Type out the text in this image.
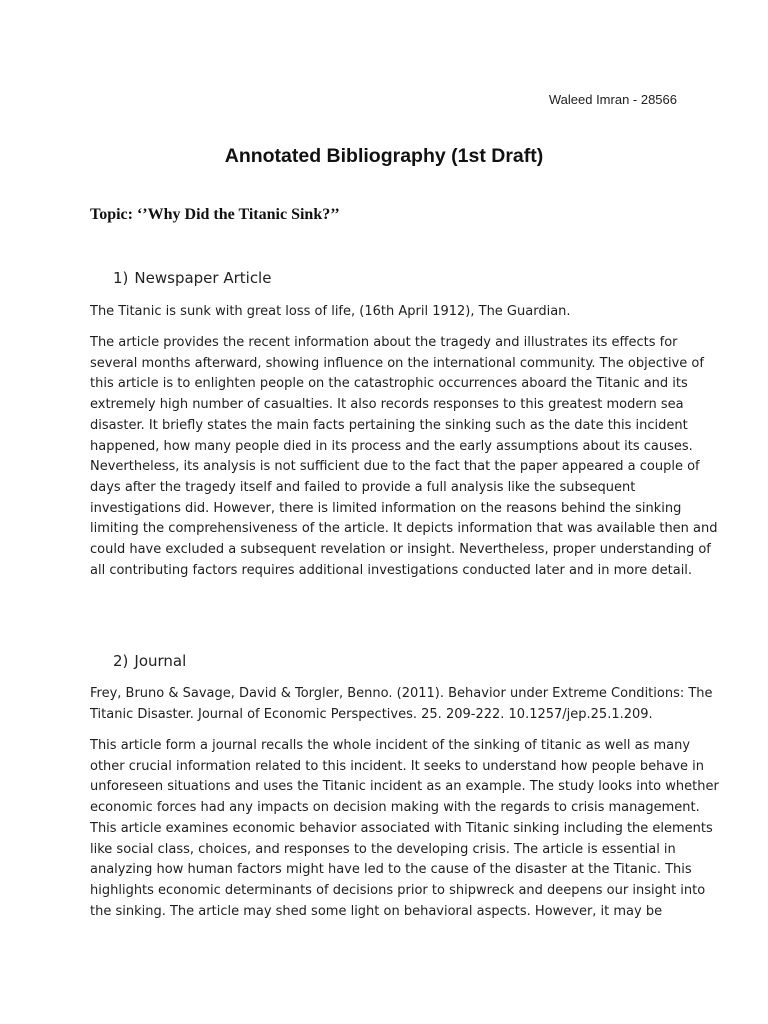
Waleed Imran - 28566
Annotated Bibliography (1st Draft)
Topic: ‘’Why Did the Titanic Sink?’’
1) Newspaper Article
The Titanic is sunk with great loss of life, (16th April 1912), The Guardian.
The article provides the recent information about the tragedy and illustrates its effects for
several months afterward, showing influence on the international community. The objective of
this article is to enlighten people on the catastrophic occurrences aboard the Titanic and its
extremely high number of casualties. It also records responses to this greatest modern sea
disaster. It briefly states the main facts pertaining the sinking such as the date this incident
happened, how many people died in its process and the early assumptions about its causes.
Nevertheless, its analysis is not sufficient due to the fact that the paper appeared a couple of
days after the tragedy itself and failed to provide a full analysis like the subsequent
investigations did. However, there is limited information on the reasons behind the sinking
limiting the comprehensiveness of the article. It depicts information that was available then and
could have excluded a subsequent revelation or insight. Nevertheless, proper understanding of
all contributing factors requires additional investigations conducted later and in more detail.
2) Journal
Frey, Bruno & Savage, David & Torgler, Benno. (2011). Behavior under Extreme Conditions: The
Titanic Disaster. Journal of Economic Perspectives. 25. 209-222. 10.1257/jep.25.1.209.
This article form a journal recalls the whole incident of the sinking of titanic as well as many
other crucial information related to this incident. It seeks to understand how people behave in
unforeseen situations and uses the Titanic incident as an example. The study looks into whether
economic forces had any impacts on decision making with the regards to crisis management.
This article examines economic behavior associated with Titanic sinking including the elements
like social class, choices, and responses to the developing crisis. The article is essential in
analyzing how human factors might have led to the cause of the disaster at the Titanic. This
highlights economic determinants of decisions prior to shipwreck and deepens our insight into
the sinking. The article may shed some light on behavioral aspects. However, it may be
